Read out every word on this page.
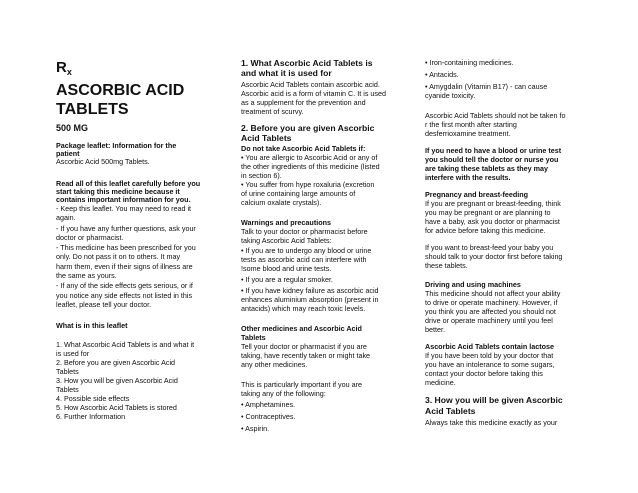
$R_x$
ASCORBIC ACID
TABLETS
500 MG
Package leaflet: Information for the
patient
Ascorbic Acid 500mg Tablets.
Read all of this leaflet carefully before you
start taking this medicine because it
contains important information for you.
- Keep this leaflet. You may need to read it
again.
- If you have any further questions, ask your
doctor or pharmacist.
- This medicine has been prescribed for you
only. Do not pass it on to others. It may
harm them, even if their signs of illness are
the same as yours.
- If any of the side effects gets serious, or if
you notice any side effects not listed in this
leaflet, please tell your doctor.
What is in this leaflet
1. What Ascorbic Acid Tablets is and what it
is used for
2. Before you are given Ascorbic Acid
Tablets
3. How you will be given Ascorbic Acid
Tablets
4. Possible side effects
5. How Ascorbic Acid Tablets is stored
6. Further Information
1. What Ascorbic Acid Tablets is
and what it is used for
Ascorbic Acid Tablets contain ascorbic acid.
Ascorbic acid is a form of vitamin C. It is used
as a supplement for the prevention and
treatment of scurvy.
2. Before you are given Ascorbic
Acid Tablets
Do not take Ascorbic Acid Tablets if:
• You are allergic to Ascorbic Acid or any of
the other ingredients of this medicine (listed
in section 6).
• You suffer from hype roxaluria (excretion
of urine containing large amounts of
calcium oxalate crystals).
Warnings and precautions
Talk to your doctor or pharmacist before
taking Ascorbic Acid Tablets:
• If you are to undergo any blood or urine
tests as ascorbic acid can interfere with
!some blood and urine tests.
• If you are a regular smoker.
• If you have kidney failure as ascorbic acid
enhances aluminium absorption (present in
antacids) which may reach toxic levels.
Other medicines and Ascorbic Acid
Tablets
Tell your doctor or pharmacist if you are
taking, have recently taken or might take
any other medicines.
This is particularly important if you are
taking any of the following:
• Amphetamines.
• Contraceptives.
• Aspirin.
• Iron-containing medicines.
• Antacids.
• Amygdalin (Vitamin B17) - can cause
cyanide toxicity.
Ascorbic Acid Tablets should not be taken fo
r the first month after starting
desferrioxamine treatment.
If you need to have a blood or urine test
you should tell the doctor or nurse you
are taking these tablets as they may
interfere with the results.
Pregnancy and breast-feeding
If you are pregnant or breast-feeding, think
you may be pregnant or are planning to
have a baby, ask you doctor or pharmacist
for advice before taking this medicine.
If you want to breast-feed your baby you
should talk to your doctor first before taking
these tablets.
Driving and using machines
This medicine should not affect your ability
to drive or operate machinery. However, if
you think you are affected you should not
drive or operate machinery until you feel
better.
Ascorbic Acid Tablets contain lactose
If you have been told by your doctor that
you have an intolerance to some sugars,
contact your doctor before taking this
medicine.
3. How you will be given Ascorbic
Acid Tablets
Always take this medicine exactly as your
